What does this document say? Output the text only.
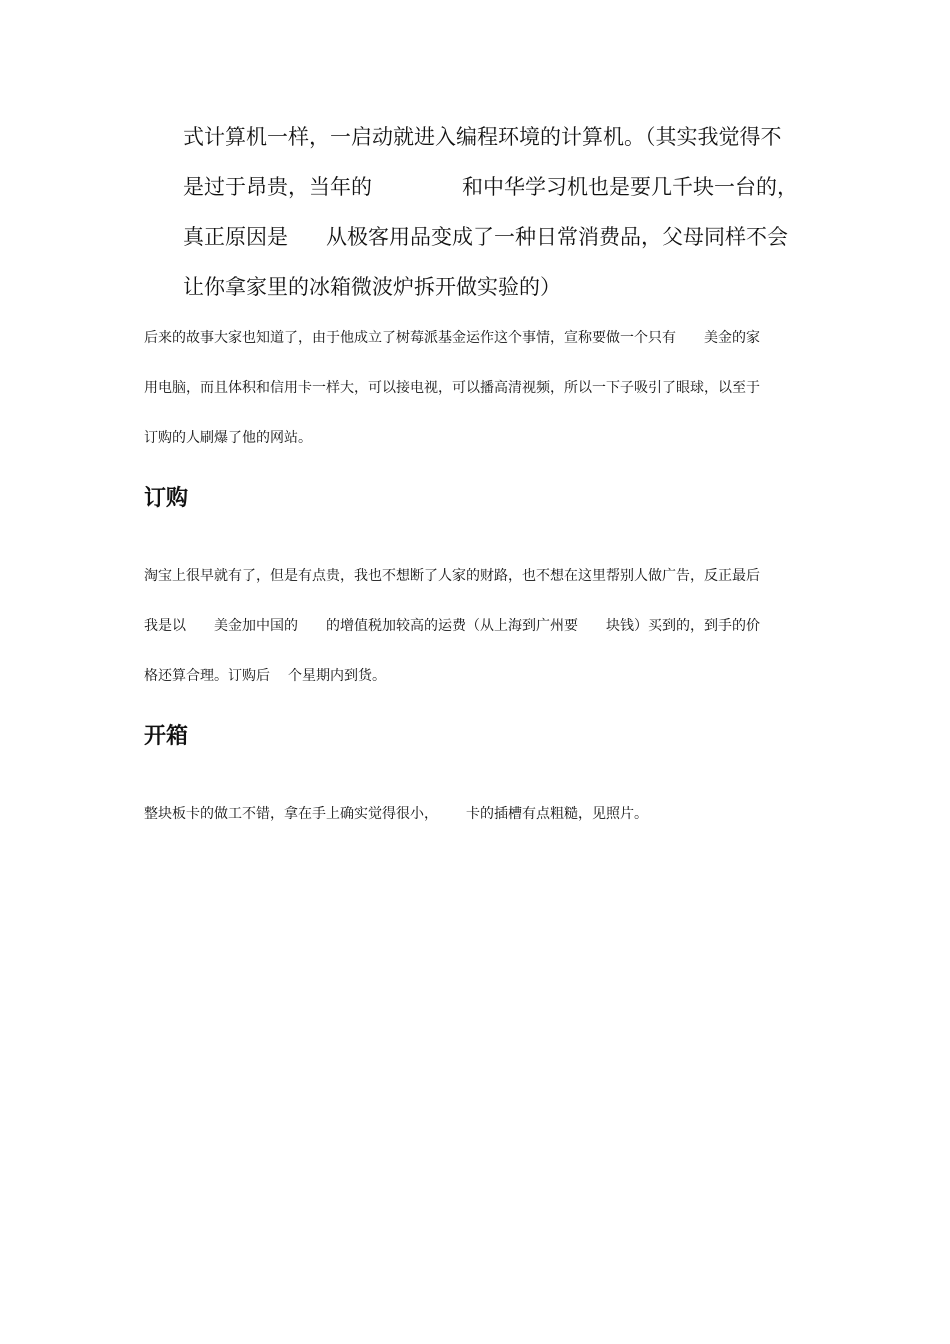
式计算机一样，一启动就进入编程环境的计算机。（其实我觉得不
是过于昂贵，当年的	和中华学习机也是要几千块一台的，
真正原因是 从极客用品变成了一种日常消费品，父母同样不会
让你拿家里的冰箱微波炉拆开做实验的）
后来的故事大家也知道了，由于他成立了树莓派基金运作这个事情，宣称要做一个只有 美金的家
用电脑，而且体积和信用卡一样大，可以接电视，可以播高清视频，所以一下子吸引了眼球，以至于
订购的人刷爆了他的网站。
订购
淘宝上很早就有了，但是有点贵，我也不想断了人家的财路，也不想在这里帮别人做广告，反正最后
我是以 美金加中国的 的增值税加较高的运费（从上海到广州要 块钱）买到的，到手的价
格还算合理。订购后 个星期内到货。
开箱
整块板卡的做工不错，拿在手上确实觉得很小， 卡的插槽有点粗糙，见照片。
